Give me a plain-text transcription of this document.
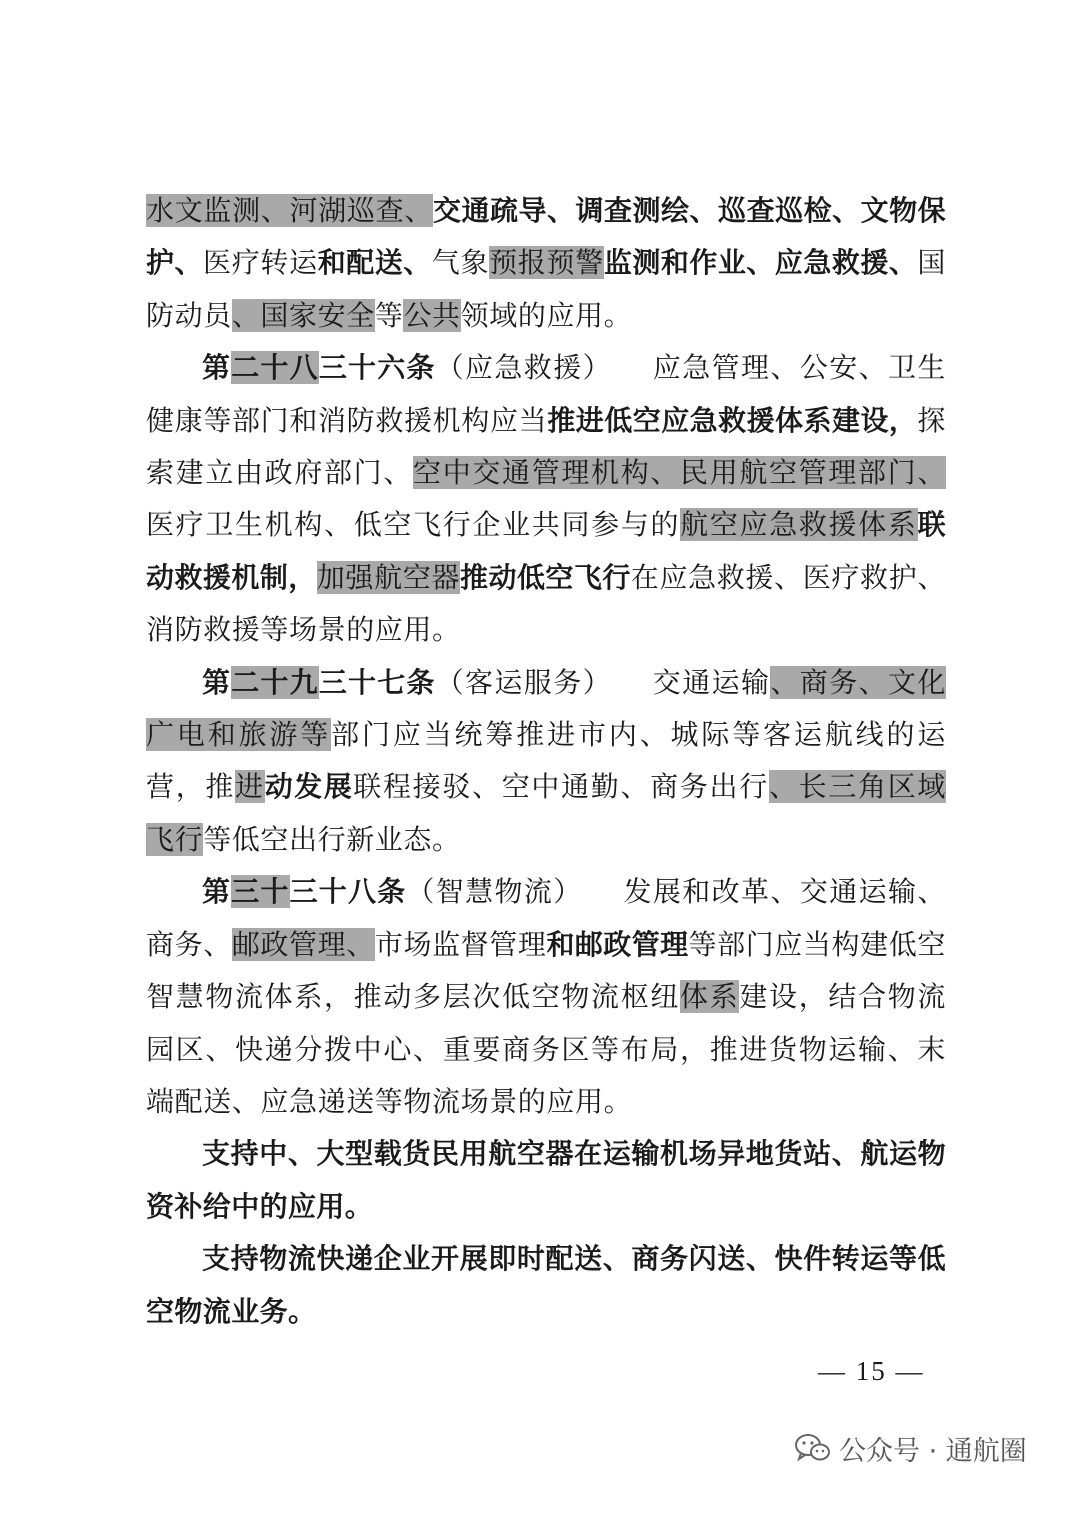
水文监测、河湖巡查、交通疏导、调查测绘、巡查巡检、文物保护、医疗转运和配送、气象预报预警监测和作业、应急救援、国防动员、国家安全等公共领域的应用。

第二十八三十六条（应急救援） 应急管理、公安、卫生健康等部门和消防救援机构应当推进低空应急救援体系建设，探索建立由政府部门、空中交通管理机构、民用航空管理部门、医疗卫生机构、低空飞行企业共同参与的航空应急救援体系联动救援机制，加强航空器推动低空飞行在应急救援、医疗救护、消防救援等场景的应用。

第二十九三十七条（客运服务） 交通运输、商务、文化广电和旅游等部门应当统筹推进市内、城际等客运航线的运营，推进动发展联程接驳、空中通勤、商务出行、长三角区域飞行等低空出行新业态。

第三十三十八条（智慧物流） 发展和改革、交通运输、商务、邮政管理、市场监督管理和邮政管理等部门应当构建低空智慧物流体系，推动多层次低空物流枢纽体系建设，结合物流园区、快递分拨中心、重要商务区等布局，推进货物运输、末端配送、应急递送等物流场景的应用。

支持中、大型载货民用航空器在运输机场异地货站、航运物资补给中的应用。

支持物流快递企业开展即时配送、商务闪送、快件转运等低空物流业务。

— 15 —
公众号 · 通航圈
